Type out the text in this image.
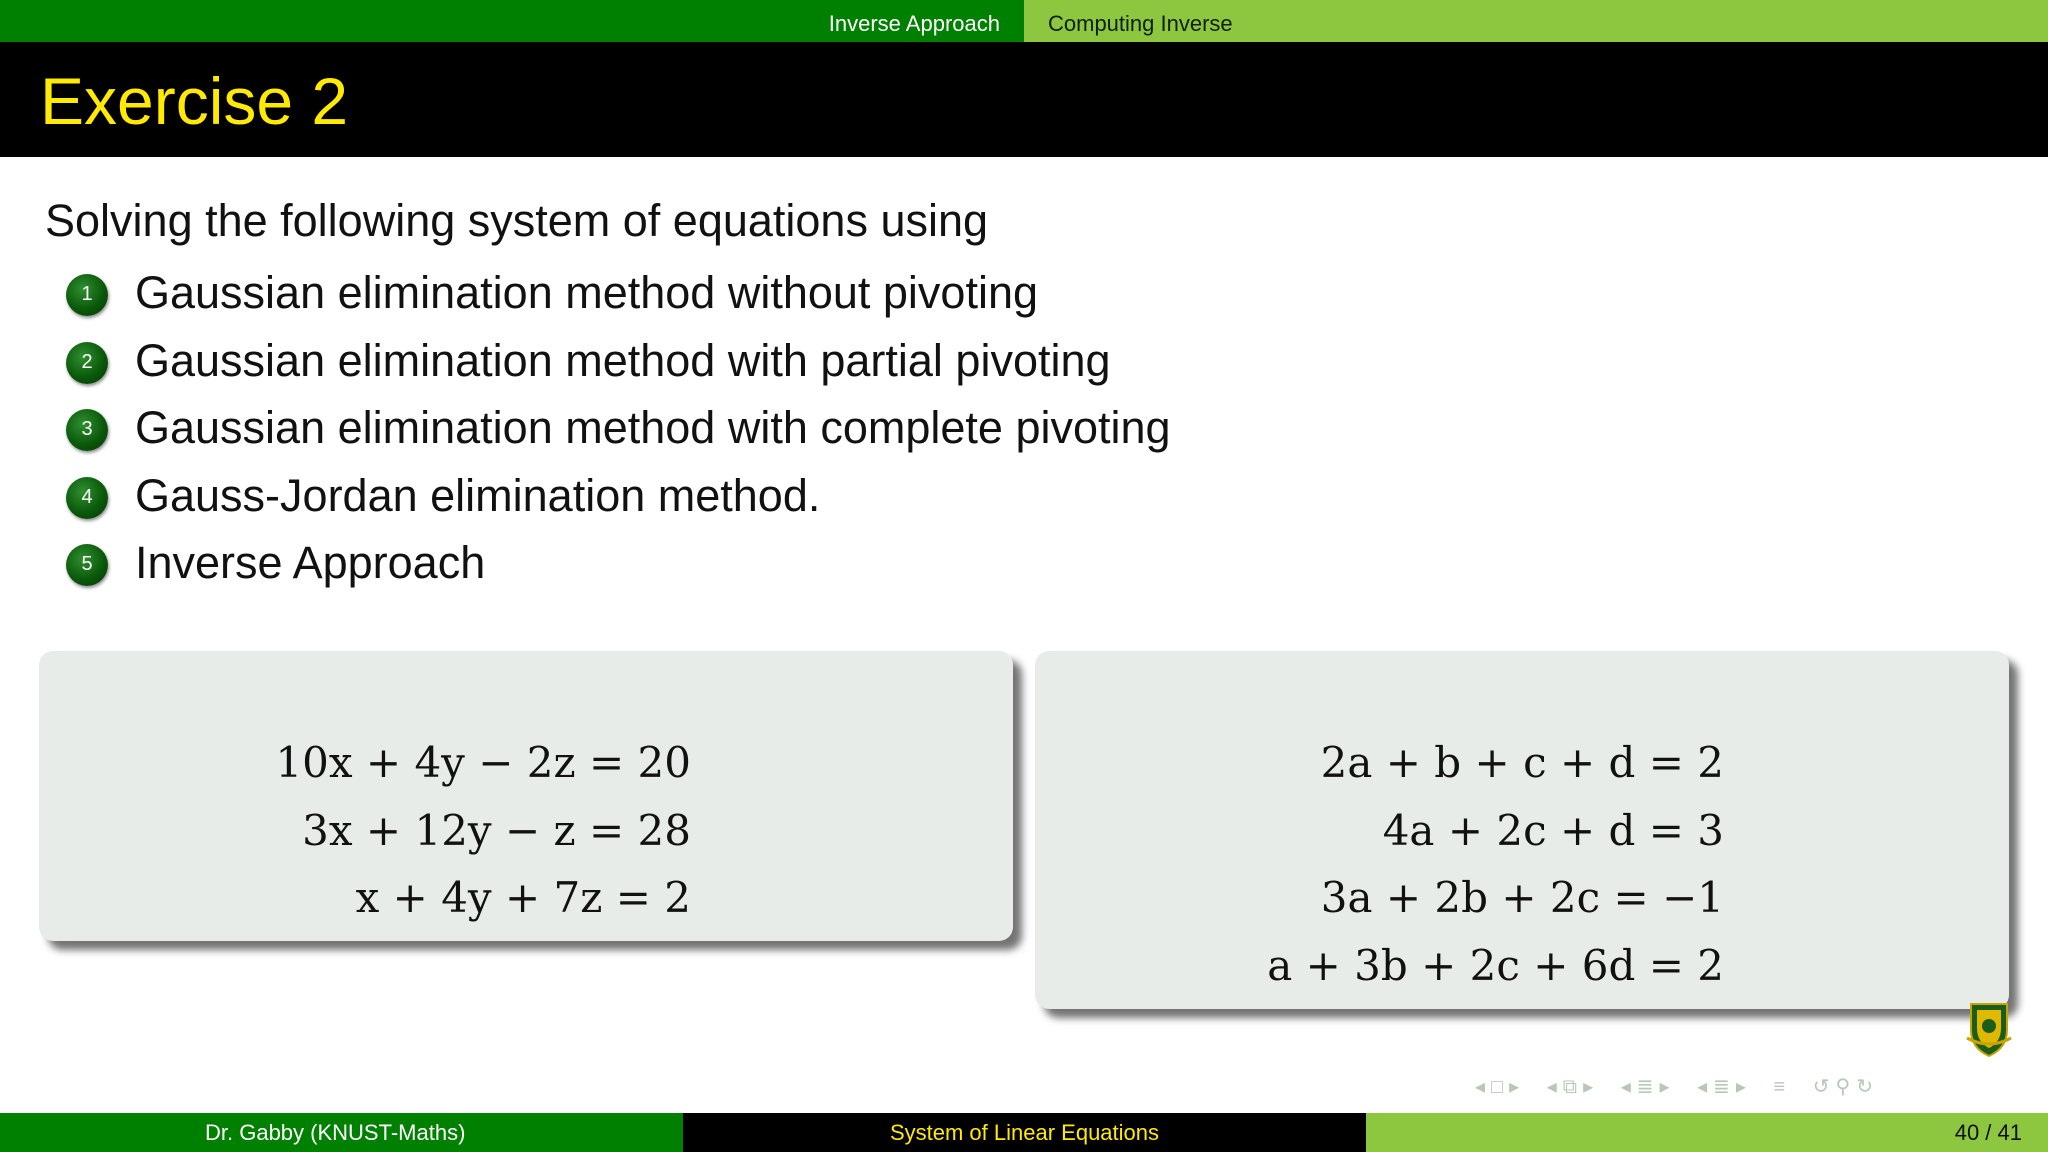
Inverse Approach	Computing Inverse
Exercise 2
Solving the following system of equations using
1 Gaussian elimination method without pivoting
2 Gaussian elimination method with partial pivoting
3 Gaussian elimination method with complete pivoting
4 Gauss-Jordan elimination method.
5 Inverse Approach
10x + 4y − 2z = 20
3x + 12y − z = 28
x + 4y + 7z = 2
2a + b + c + d = 2
4a + 2c + d = 3
3a + 2b + 2c = −1
a + 3b + 2c + 6d = 2
◂ □ ▸ ◂ ⧉ ▸ ◂ ≣ ▸ ◂ ≣ ▸ ≡ ↺ ⚲ ↻
Dr. Gabby (KNUST-Maths)	System of Linear Equations	40 / 41
